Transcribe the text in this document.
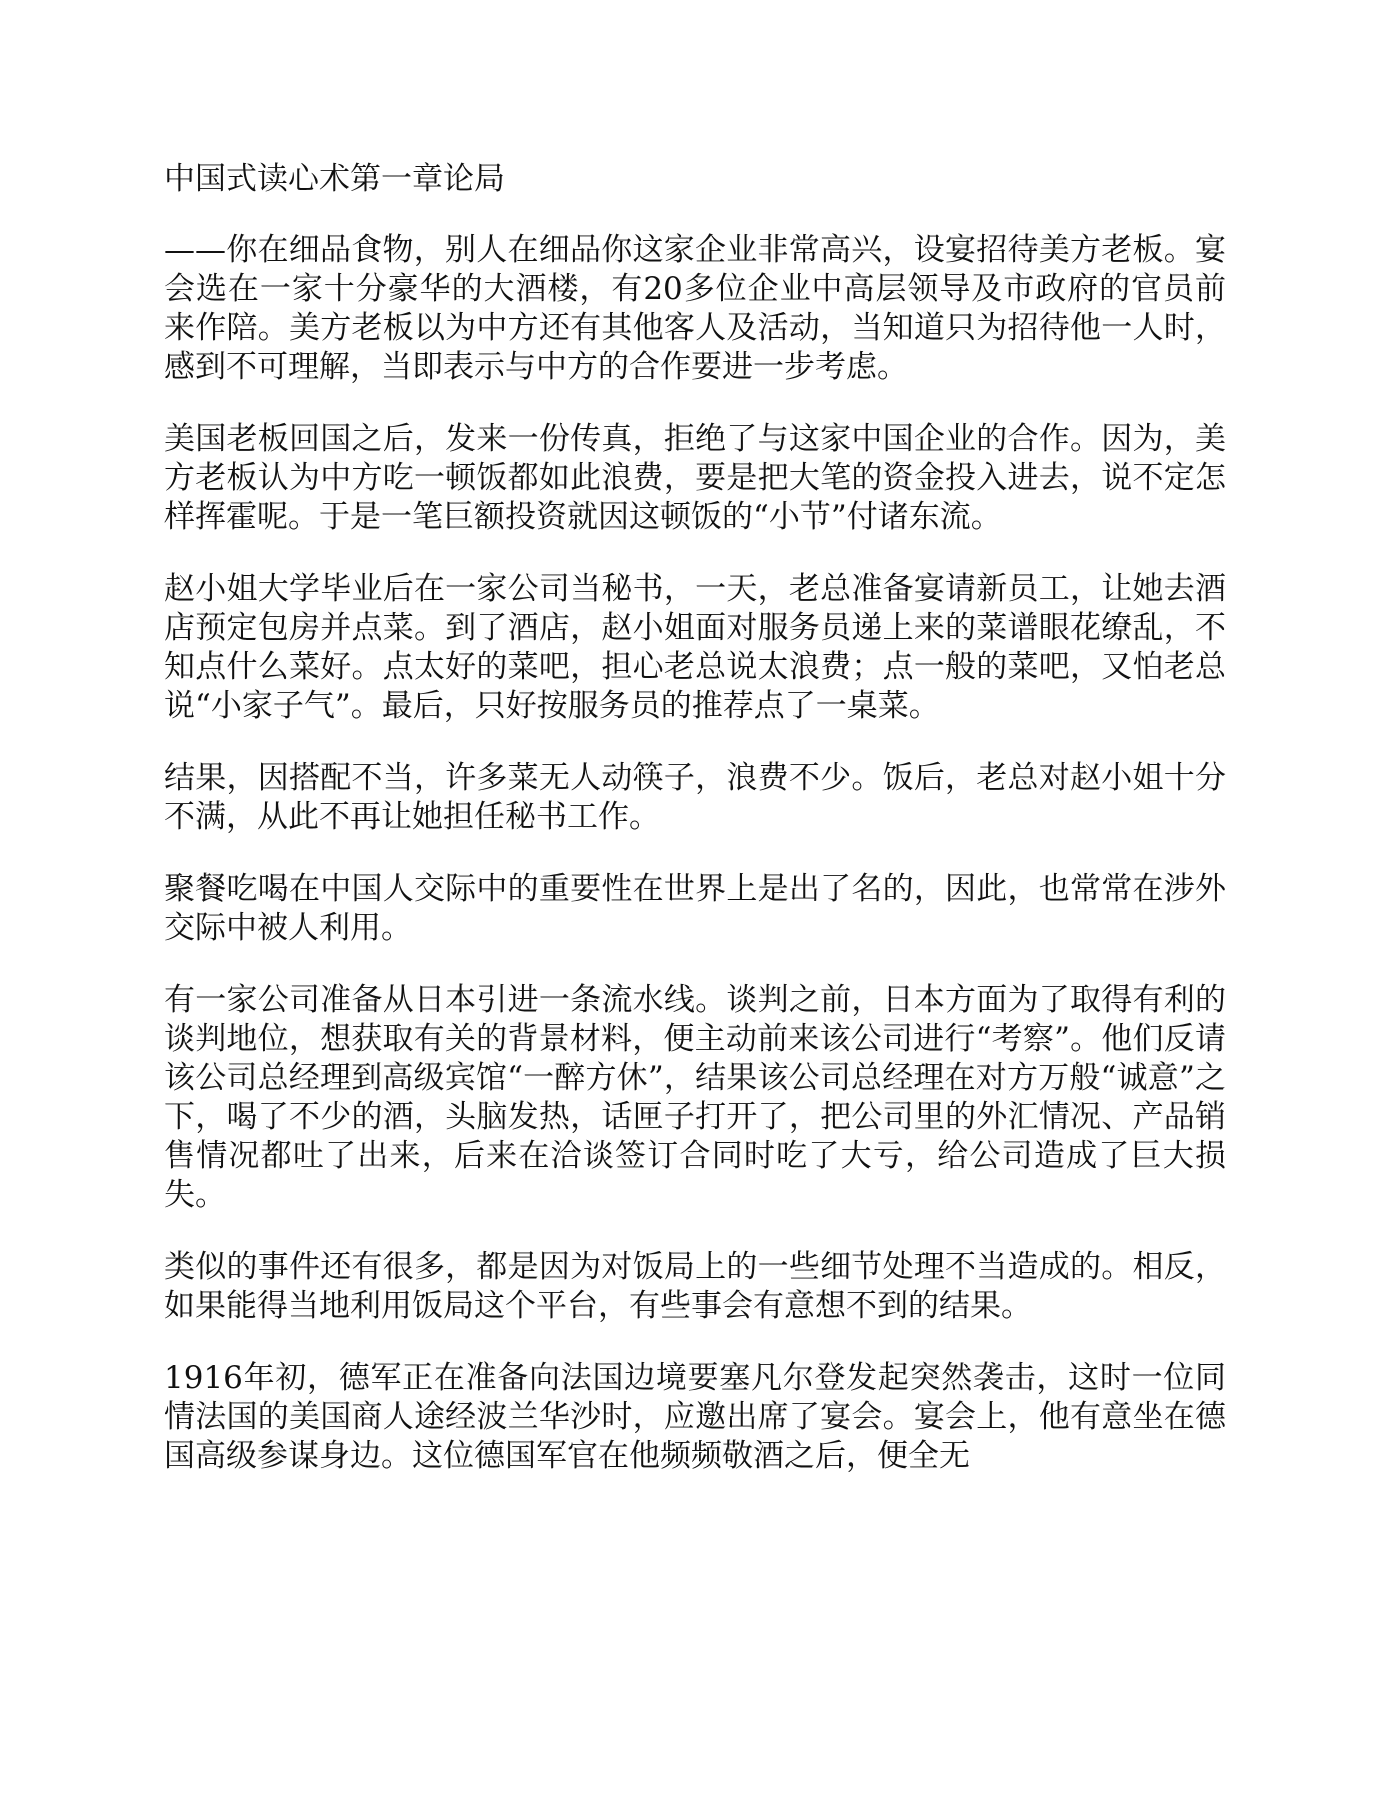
中国式读心术第一章论局

——你在细品食物，别人在细品你这家企业非常高兴，设宴招待美方老板。宴会选在一家十分豪华的大酒楼，有20多位企业中高层领导及市政府的官员前来作陪。美方老板以为中方还有其他客人及活动，当知道只为招待他一人时，感到不可理解，当即表示与中方的合作要进一步考虑。

美国老板回国之后，发来一份传真，拒绝了与这家中国企业的合作。因为，美方老板认为中方吃一顿饭都如此浪费，要是把大笔的资金投入进去，说不定怎样挥霍呢。于是一笔巨额投资就因这顿饭的“小节”付诸东流。

赵小姐大学毕业后在一家公司当秘书，一天，老总准备宴请新员工，让她去酒店预定包房并点菜。到了酒店，赵小姐面对服务员递上来的菜谱眼花缭乱，不知点什么菜好。点太好的菜吧，担心老总说太浪费；点一般的菜吧，又怕老总说“小家子气”。最后，只好按服务员的推荐点了一桌菜。

结果，因搭配不当，许多菜无人动筷子，浪费不少。饭后，老总对赵小姐十分不满，从此不再让她担任秘书工作。

聚餐吃喝在中国人交际中的重要性在世界上是出了名的，因此，也常常在涉外交际中被人利用。

有一家公司准备从日本引进一条流水线。谈判之前，日本方面为了取得有利的谈判地位，想获取有关的背景材料，便主动前来该公司进行“考察”。他们反请该公司总经理到高级宾馆“一醉方休”，结果该公司总经理在对方万般“诚意”之下，喝了不少的酒，头脑发热，话匣子打开了，把公司里的外汇情况、产品销售情况都吐了出来，后来在洽谈签订合同时吃了大亏，给公司造成了巨大损失。

类似的事件还有很多，都是因为对饭局上的一些细节处理不当造成的。相反，如果能得当地利用饭局这个平台，有些事会有意想不到的结果。

1916年初，德军正在准备向法国边境要塞凡尔登发起突然袭击，这时一位同情法国的美国商人途经波兰华沙时，应邀出席了宴会。宴会上，他有意坐在德国高级参谋身边。这位德国军官在他频频敬酒之后，便全无
